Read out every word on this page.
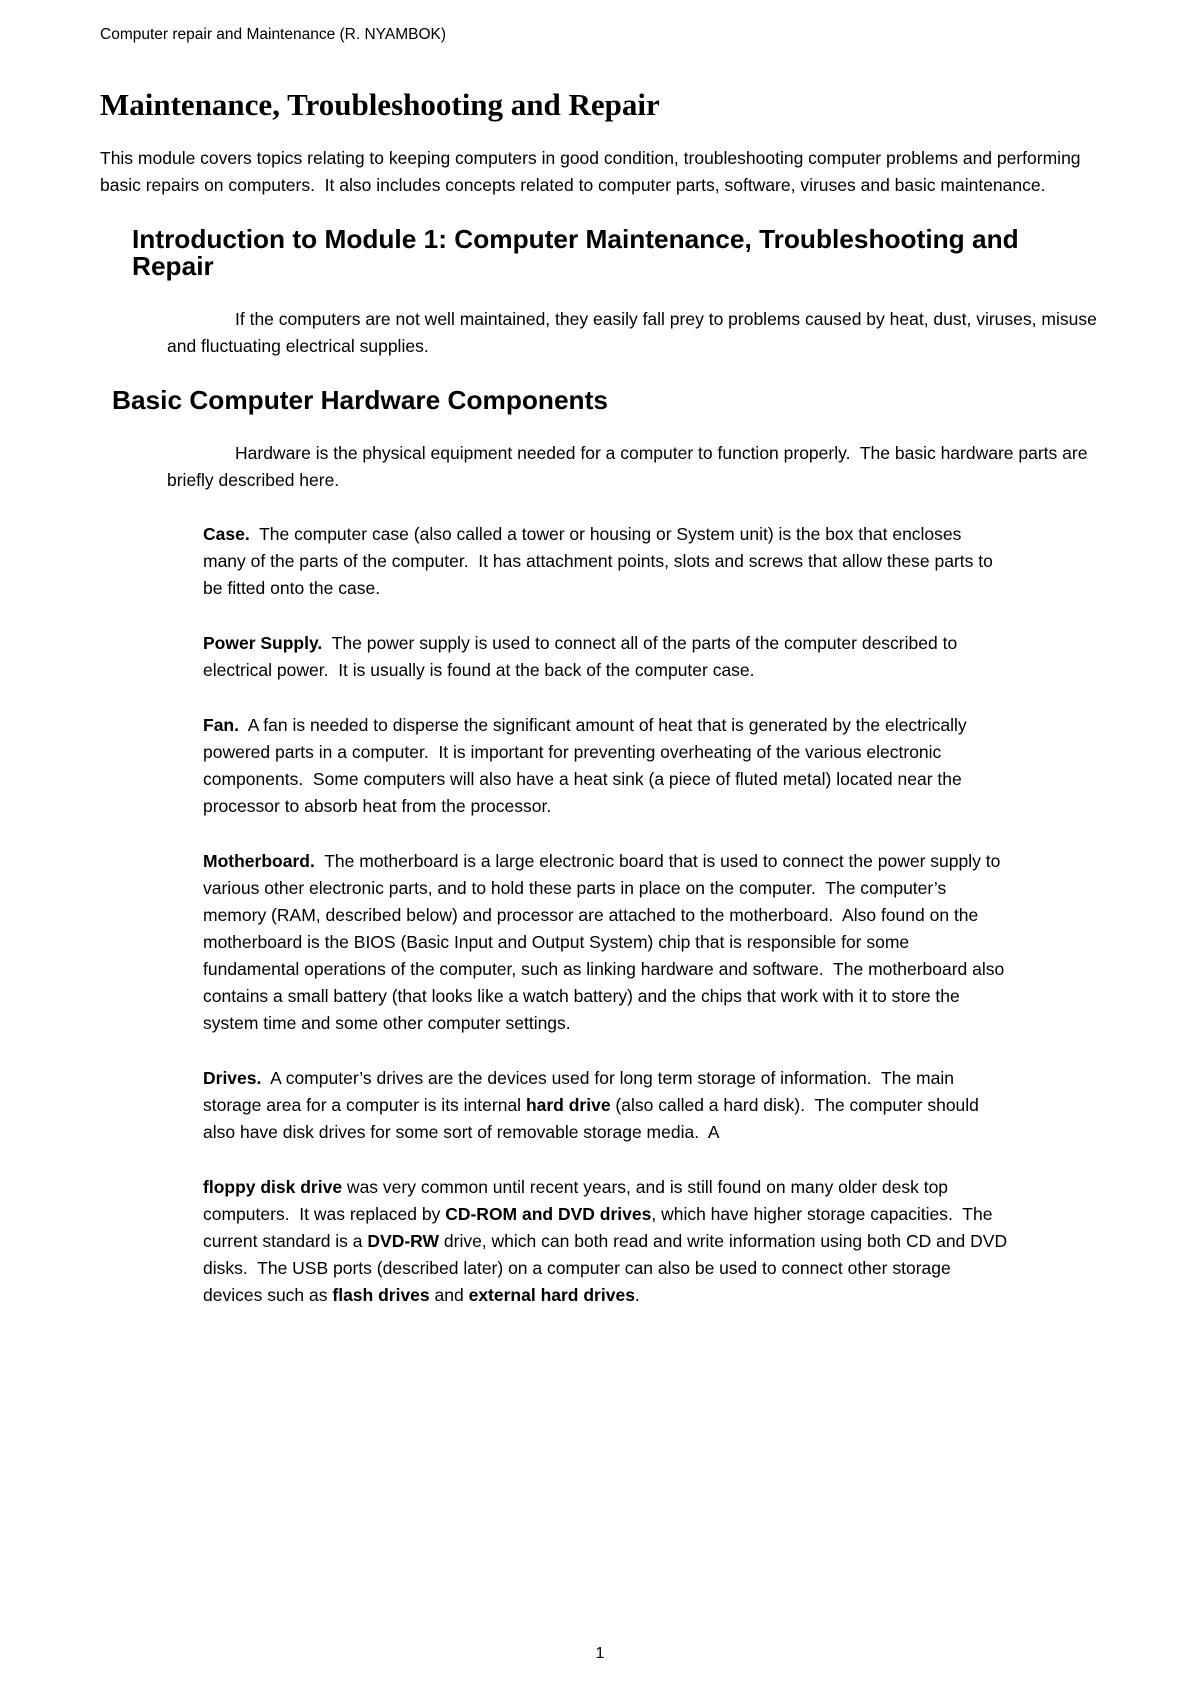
Computer repair and Maintenance (R. NYAMBOK)
Maintenance, Troubleshooting and Repair

This module covers topics relating to keeping computers in good condition, troubleshooting computer problems and performing basic repairs on computers.  It also includes concepts related to computer parts, software, viruses and basic maintenance.

Introduction to Module 1: Computer Maintenance, Troubleshooting and Repair

If the computers are not well maintained, they easily fall prey to problems caused by heat, dust, viruses, misuse and fluctuating electrical supplies.

Basic Computer Hardware Components

Hardware is the physical equipment needed for a computer to function properly.  The basic hardware parts are briefly described here.

Case.  The computer case (also called a tower or housing or System unit) is the box that encloses many of the parts of the computer.  It has attachment points, slots and screws that allow these parts to be fitted onto the case.

Power Supply.  The power supply is used to connect all of the parts of the computer described to electrical power.  It is usually is found at the back of the computer case.

Fan.  A fan is needed to disperse the significant amount of heat that is generated by the electrically powered parts in a computer.  It is important for preventing overheating of the various electronic components.  Some computers will also have a heat sink (a piece of fluted metal) located near the processor to absorb heat from the processor.

Motherboard.  The motherboard is a large electronic board that is used to connect the power supply to various other electronic parts, and to hold these parts in place on the computer.  The computer’s memory (RAM, described below) and processor are attached to the motherboard.  Also found on the motherboard is the BIOS (Basic Input and Output System) chip that is responsible for some fundamental operations of the computer, such as linking hardware and software.  The motherboard also contains a small battery (that looks like a watch battery) and the chips that work with it to store the system time and some other computer settings.

Drives.  A computer’s drives are the devices used for long term storage of information.  The main storage area for a computer is its internal hard drive (also called a hard disk).  The computer should also have disk drives for some sort of removable storage media.  A

floppy disk drive was very common until recent years, and is still found on many older desk top computers.  It was replaced by CD-ROM and DVD drives, which have higher storage capacities.  The current standard is a DVD-RW drive, which can both read and write information using both CD and DVD disks.  The USB ports (described later) on a computer can also be used to connect other storage devices such as flash drives and external hard drives.

1
